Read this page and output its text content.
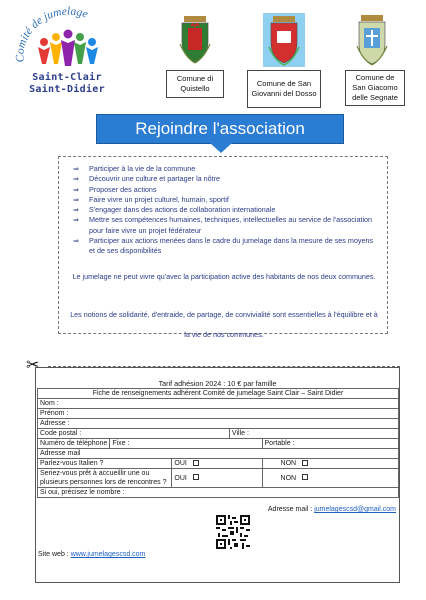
Comité de jumelage
Saint-Clair
Saint-Didier
Comune di Quistello
Comune de San Giovanni del Dosso
Comune de San Giacomo delle Segnate
Rejoindre l'association
⇒ Participer à la vie de la commune
⇒ Découvrir une culture et partager la nôtre
⇒ Proposer des actions
⇒ Faire vivre un projet culturel, humain, sportif
⇒ S'engager dans des actions de collaboration internationale
⇒ Mettre ses compétences humaines, techniques, intellectuelles au service de l'association pour faire vivre un projet fédérateur
⇒ Participer aux actions menées dans le cadre du jumelage dans la mesure de ses moyens et de ses disponibilités
Le jumelage ne peut vivre qu'avec la participation active des habitants de nos deux communes.
Les notions de solidarité, d'entraide, de partage, de convivialité sont essentielles à l'équilibre et à la vie de nos communes.
✂
Tarif adhésion 2024 : 10 € par famille
Fiche de renseignements adhérent Comité de jumelage Saint Clair – Saint Didier				
Nom :				
Prénom :				
Adresse :				
Code postal :			Ville :	
Numéro de téléphone	Fixe :			Portable :
Adresse mail				
Parlez-vous Italien ?		OUI		NON
Seriez-vous prêt à accueillir une ou plusieurs personnes lors de rencontres ?		OUI		NON
Si oui, précisez le nombre :				
Adresse mail : jumelagescsd@gmail.com
Site web : www.jumelagescsd.com
